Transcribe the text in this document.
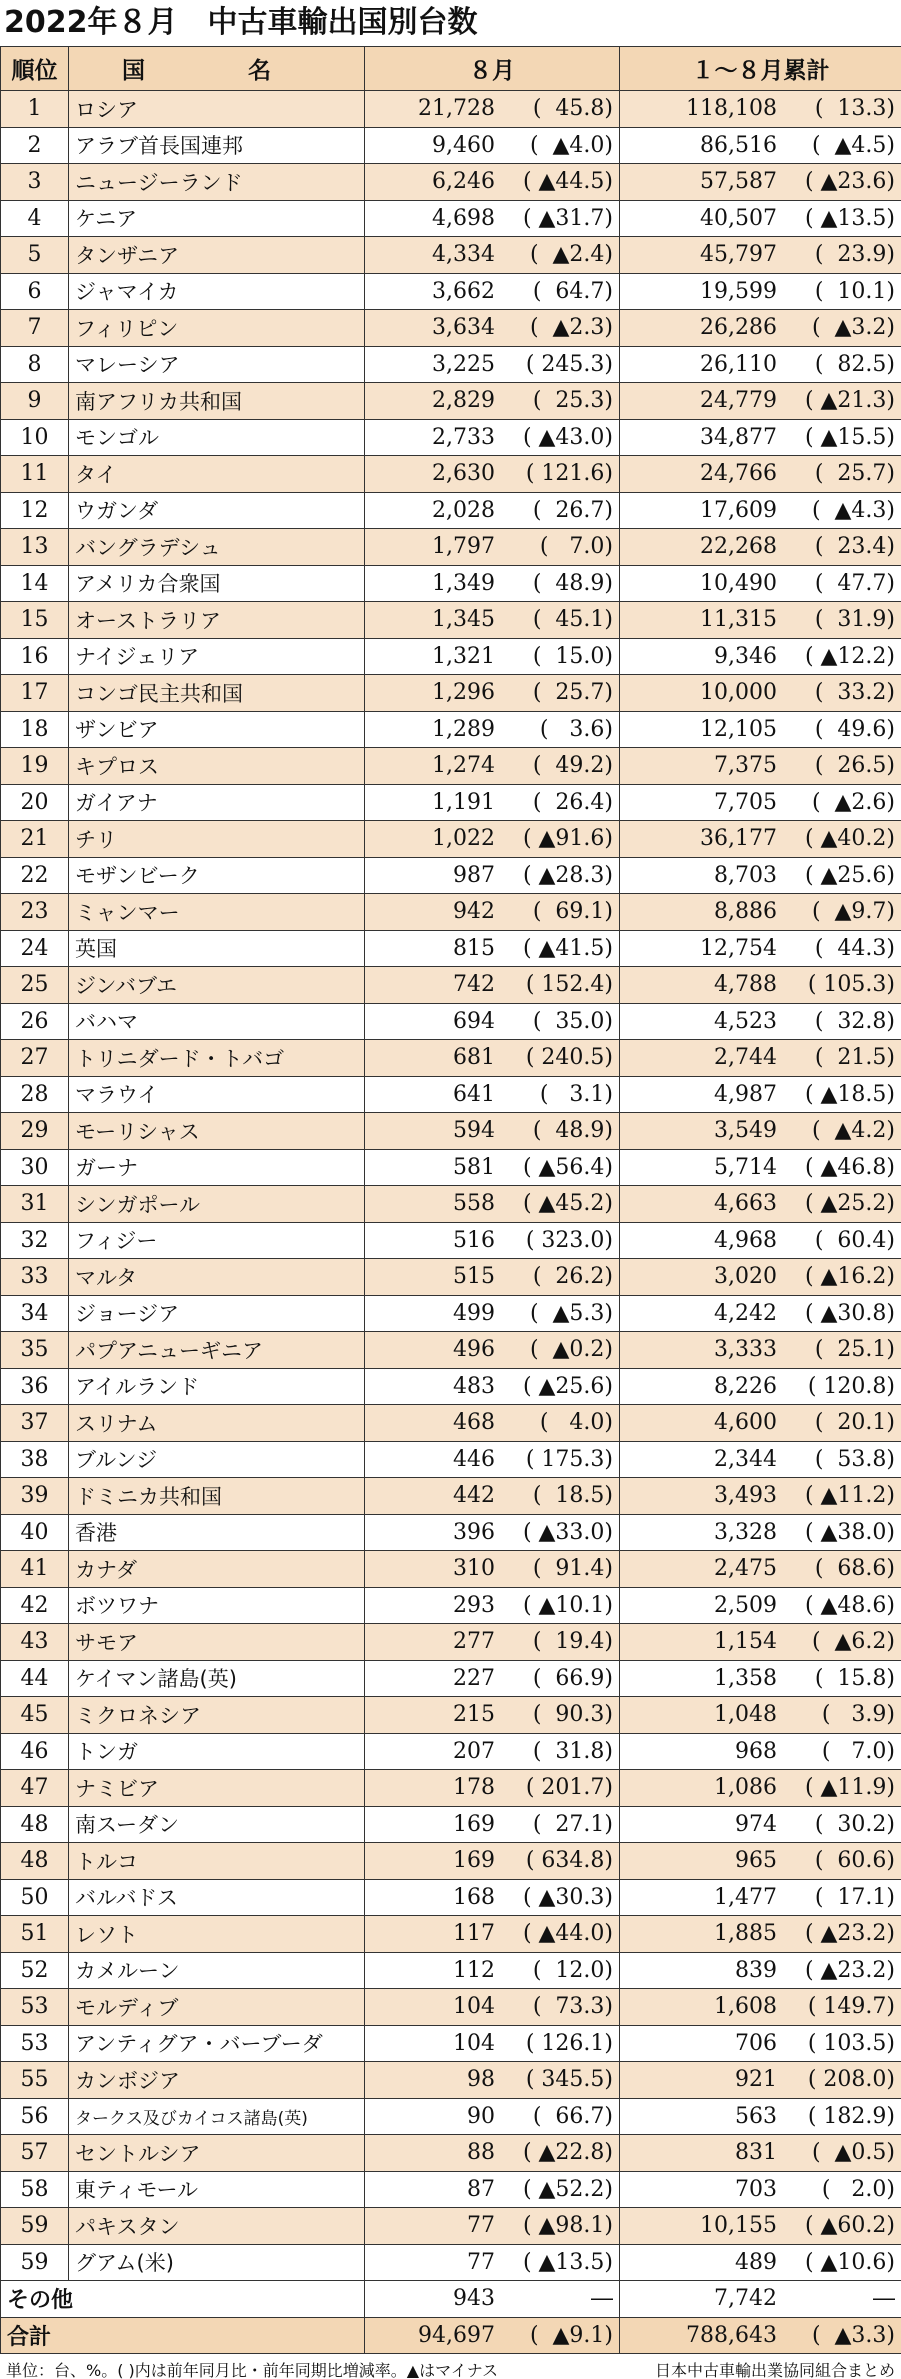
2022年８月　中古車輸出国別台数
順位	国　名	８月	１～８月累計
1	ロシア	21,728 (  45.8)	118,108 (  13.3)

2	アラブ首長国連邦	9,460 (  ▲4.0)	86,516 (  ▲4.5)

3	ニュージーランド	6,246 ( ▲44.5)	57,587 ( ▲23.6)

4	ケニア	4,698 ( ▲31.7)	40,507 ( ▲13.5)

5	タンザニア	4,334 (  ▲2.4)	45,797 (  23.9)

6	ジャマイカ	3,662 (  64.7)	19,599 (  10.1)

7	フィリピン	3,634 (  ▲2.3)	26,286 (  ▲3.2)

8	マレーシア	3,225 ( 245.3)	26,110 (  82.5)

9	南アフリカ共和国	2,829 (  25.3)	24,779 ( ▲21.3)

10	モンゴル	2,733 ( ▲43.0)	34,877 ( ▲15.5)

11	タイ	2,630 ( 121.6)	24,766 (  25.7)

12	ウガンダ	2,028 (  26.7)	17,609 (  ▲4.3)

13	バングラデシュ	1,797 (   7.0)	22,268 (  23.4)

14	アメリカ合衆国	1,349 (  48.9)	10,490 (  47.7)

15	オーストラリア	1,345 (  45.1)	11,315 (  31.9)

16	ナイジェリア	1,321 (  15.0)	9,346 ( ▲12.2)

17	コンゴ民主共和国	1,296 (  25.7)	10,000 (  33.2)

18	ザンビア	1,289 (   3.6)	12,105 (  49.6)

19	キプロス	1,274 (  49.2)	7,375 (  26.5)

20	ガイアナ	1,191 (  26.4)	7,705 (  ▲2.6)

21	チリ	1,022 ( ▲91.6)	36,177 ( ▲40.2)

22	モザンビーク	987 ( ▲28.3)	8,703 ( ▲25.6)

23	ミャンマー	942 (  69.1)	8,886 (  ▲9.7)

24	英国	815 ( ▲41.5)	12,754 (  44.3)

25	ジンバブエ	742 ( 152.4)	4,788 ( 105.3)

26	バハマ	694 (  35.0)	4,523 (  32.8)

27	トリニダード・トバゴ	681 ( 240.5)	2,744 (  21.5)

28	マラウイ	641 (   3.1)	4,987 ( ▲18.5)

29	モーリシャス	594 (  48.9)	3,549 (  ▲4.2)

30	ガーナ	581 ( ▲56.4)	5,714 ( ▲46.8)

31	シンガポール	558 ( ▲45.2)	4,663 ( ▲25.2)

32	フィジー	516 ( 323.0)	4,968 (  60.4)

33	マルタ	515 (  26.2)	3,020 ( ▲16.2)

34	ジョージア	499 (  ▲5.3)	4,242 ( ▲30.8)

35	パプアニューギニア	496 (  ▲0.2)	3,333 (  25.1)

36	アイルランド	483 ( ▲25.6)	8,226 ( 120.8)

37	スリナム	468 (   4.0)	4,600 (  20.1)

38	ブルンジ	446 ( 175.3)	2,344 (  53.8)

39	ドミニカ共和国	442 (  18.5)	3,493 ( ▲11.2)

40	香港	396 ( ▲33.0)	3,328 ( ▲38.0)

41	カナダ	310 (  91.4)	2,475 (  68.6)

42	ボツワナ	293 ( ▲10.1)	2,509 ( ▲48.6)

43	サモア	277 (  19.4)	1,154 (  ▲6.2)

44	ケイマン諸島(英)	227 (  66.9)	1,358 (  15.8)

45	ミクロネシア	215 (  90.3)	1,048 (   3.9)

46	トンガ	207 (  31.8)	968 (   7.0)

47	ナミビア	178 ( 201.7)	1,086 ( ▲11.9)

48	南スーダン	169 (  27.1)	974 (  30.2)

48	トルコ	169 ( 634.8)	965 (  60.6)

50	バルバドス	168 ( ▲30.3)	1,477 (  17.1)

51	レソト	117 ( ▲44.0)	1,885 ( ▲23.2)

52	カメルーン	112 (  12.0)	839 ( ▲23.2)

53	モルディブ	104 (  73.3)	1,608 ( 149.7)

53	アンティグア・バーブーダ	104 ( 126.1)	706 ( 103.5)

55	カンボジア	98 ( 345.5)	921 ( 208.0)

56	タークス及びカイコス諸島(英)	90 (  66.7)	563 ( 182.9)

57	セントルシア	88 ( ▲22.8)	831 (  ▲0.5)

58	東ティモール	87 ( ▲52.2)	703 (   2.0)

59	パキスタン	77 ( ▲98.1)	10,155 ( ▲60.2)

59	グアム(米)	77 ( ▲13.5)	489 ( ▲10.6)

その他		943 ―	7,742 ―

合計		94,697 (  ▲9.1)	788,643 (  ▲3.3)
単位：台、%。( )内は前年同月比・前年同期比増減率。▲はマイナス	日本中古車輸出業協同組合まとめ
